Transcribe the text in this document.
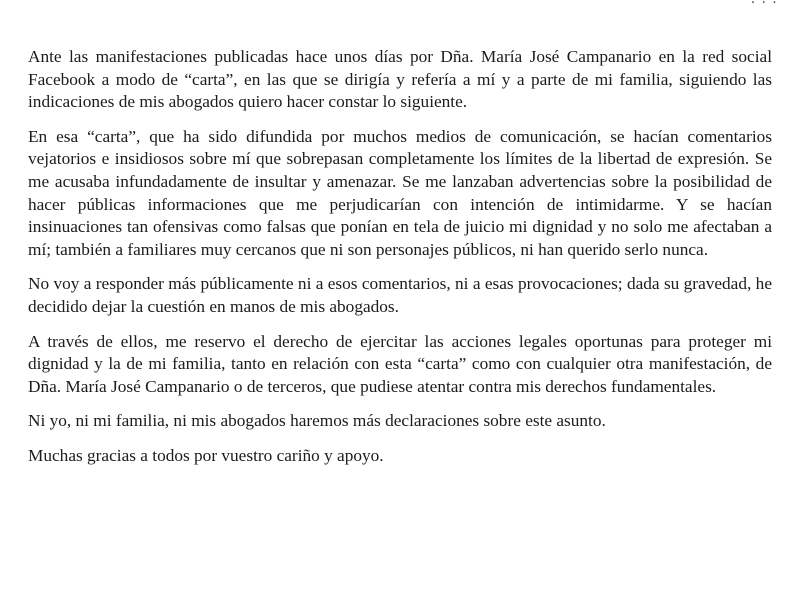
· · ·

Ante las manifestaciones publicadas hace unos días por Dña. María José Campanario en la red social Facebook a modo de “carta”, en las que se dirigía y refería a mí y a parte de mi familia, siguiendo las indicaciones de mis abogados quiero hacer constar lo siguiente.

En esa “carta”, que ha sido difundida por muchos medios de comunicación, se hacían comentarios vejatorios e insidiosos sobre mí que sobrepasan completamente los límites de la libertad de expresión. Se me acusaba infundadamente de insultar y amenazar. Se me lanzaban advertencias sobre la posibilidad de hacer públicas informaciones que me perjudicarían con intención de intimidarme. Y se hacían insinuaciones tan ofensivas como falsas que ponían en tela de juicio mi dignidad y no solo me afectaban a mí; también a familiares muy cercanos que ni son personajes públicos, ni han querido serlo nunca.

No voy a responder más públicamente ni a esos comentarios, ni a esas provocaciones; dada su gravedad, he decidido dejar la cuestión en manos de mis abogados.

A través de ellos, me reservo el derecho de ejercitar las acciones legales oportunas para proteger mi dignidad y la de mi familia, tanto en relación con esta “carta” como con cualquier otra manifestación, de Dña. María José Campanario o de terceros, que pudiese atentar contra mis derechos fundamentales.

Ni yo, ni mi familia, ni mis abogados haremos más declaraciones sobre este asunto.

Muchas gracias a todos por vuestro cariño y apoyo.
